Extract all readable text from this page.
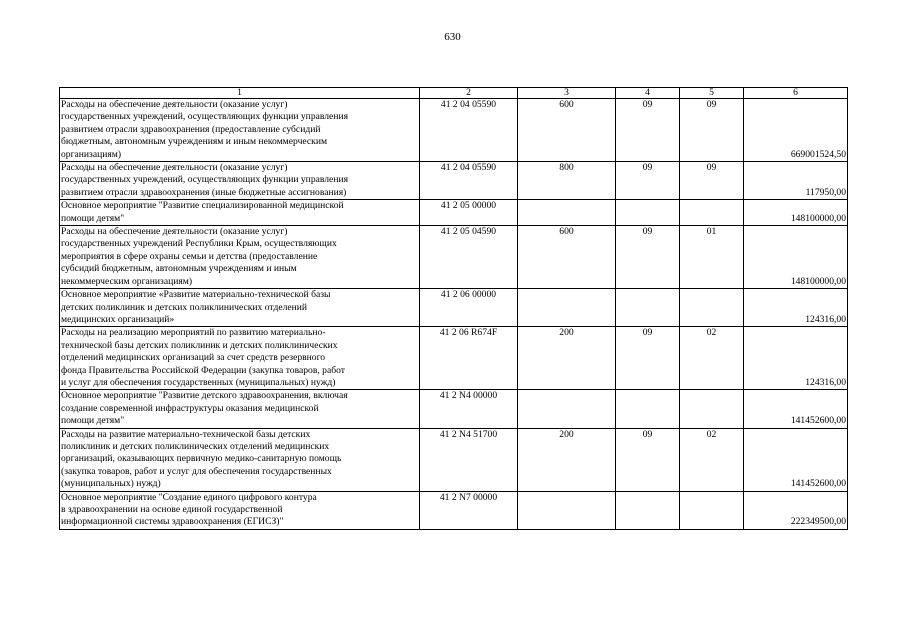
630
1	2	3	4	5	6

Расходы на обеспечение деятельности (оказание услуг)
государственных учреждений, осуществляющих функции управления
развитием отрасли здравоохранения (предоставление субсидий
бюджетным, автономным учреждениям и иным некоммерческим
организациям)	41 2 04 05590	600	09	09	669001524,50

Расходы на обеспечение деятельности (оказание услуг)
государственных учреждений, осуществляющих функции управления
развитием отрасли здравоохранения (иные бюджетные ассигнования)	41 2 04 05590	800	09	09	117950,00

Основное мероприятие "Развитие специализированной медицинской
помощи детям"	41 2 05 00000				148100000,00

Расходы на обеспечение деятельности (оказание услуг)
государственных учреждений Республики Крым, осуществляющих
мероприятия в сфере охраны семьи и детства (предоставление
субсидий бюджетным, автономным учреждениям и иным
некоммерческим организациям)	41 2 05 04590	600	09	01	148100000,00

Основное мероприятие «Развитие материально-технической базы
детских поликлиник и детских поликлинических отделений
медицинских организаций»	41 2 06 00000				124316,00

Расходы на реализацию мероприятий по развитию материально-
технической базы детских поликлиник и детских поликлинических
отделений медицинских организаций за счет средств резервного
фонда Правительства Российской Федерации (закупка товаров, работ
и услуг для обеспечения государственных (муниципальных) нужд)	41 2 06 R674F	200	09	02	124316,00

Основное мероприятие "Развитие детского здравоохранения, включая
создание современной инфраструктуры оказания медицинской
помощи детям"	41 2 N4 00000				141452600,00

Расходы на развитие материально-технической базы детских
поликлиник и детских поликлинических отделений медицинских
организаций, оказывающих первичную медико-санитарную помощь
(закупка товаров, работ и услуг для обеспечения государственных
(муниципальных) нужд)	41 2 N4 51700	200	09	02	141452600,00

Основное мероприятие "Создание единого цифрового контура
в здравоохранении на основе единой государственной
информационной системы здравоохранения (ЕГИСЗ)"	41 2 N7 00000				222349500,00
